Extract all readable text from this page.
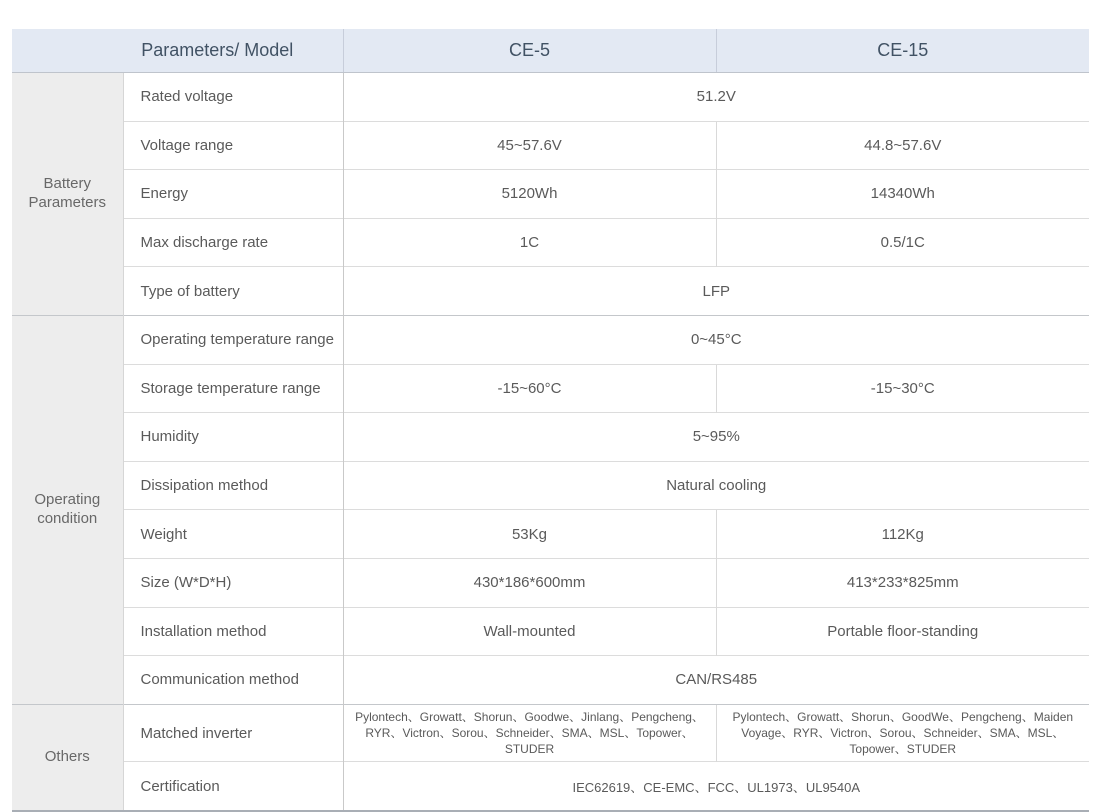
Parameters/ Model		CE-5	CE-15
Battery Parameters	Rated voltage	51.2V	
	Voltage range	45~57.6V	44.8~57.6V
	Energy	5120Wh	14340Wh
	Max discharge rate	1C	0.5/1C
	Type of battery	LFP	
Operating condition	Operating temperature range	0~45°C	
	Storage temperature range	-15~60°C	-15~30°C
	Humidity	5~95%	
	Dissipation method	Natural cooling	
	Weight	53Kg	112Kg
	Size (W*D*H)	430*186*600mm	413*233*825mm
	Installation method	Wall-mounted	Portable floor-standing
	Communication method	CAN/RS485	
Others	Matched inverter	Pylontech、Growatt、Shorun、Goodwe、Jinlang、Pengcheng、RYR、Victron、Sorou、Schneider、SMA、MSL、Topower、STUDER	Pylontech、Growatt、Shorun、GoodWe、Pengcheng、Maiden Voyage、RYR、Victron、Sorou、Schneider、SMA、MSL、Topower、STUDER
	Certification	IEC62619、CE-EMC、FCC、UL1973、UL9540A	
